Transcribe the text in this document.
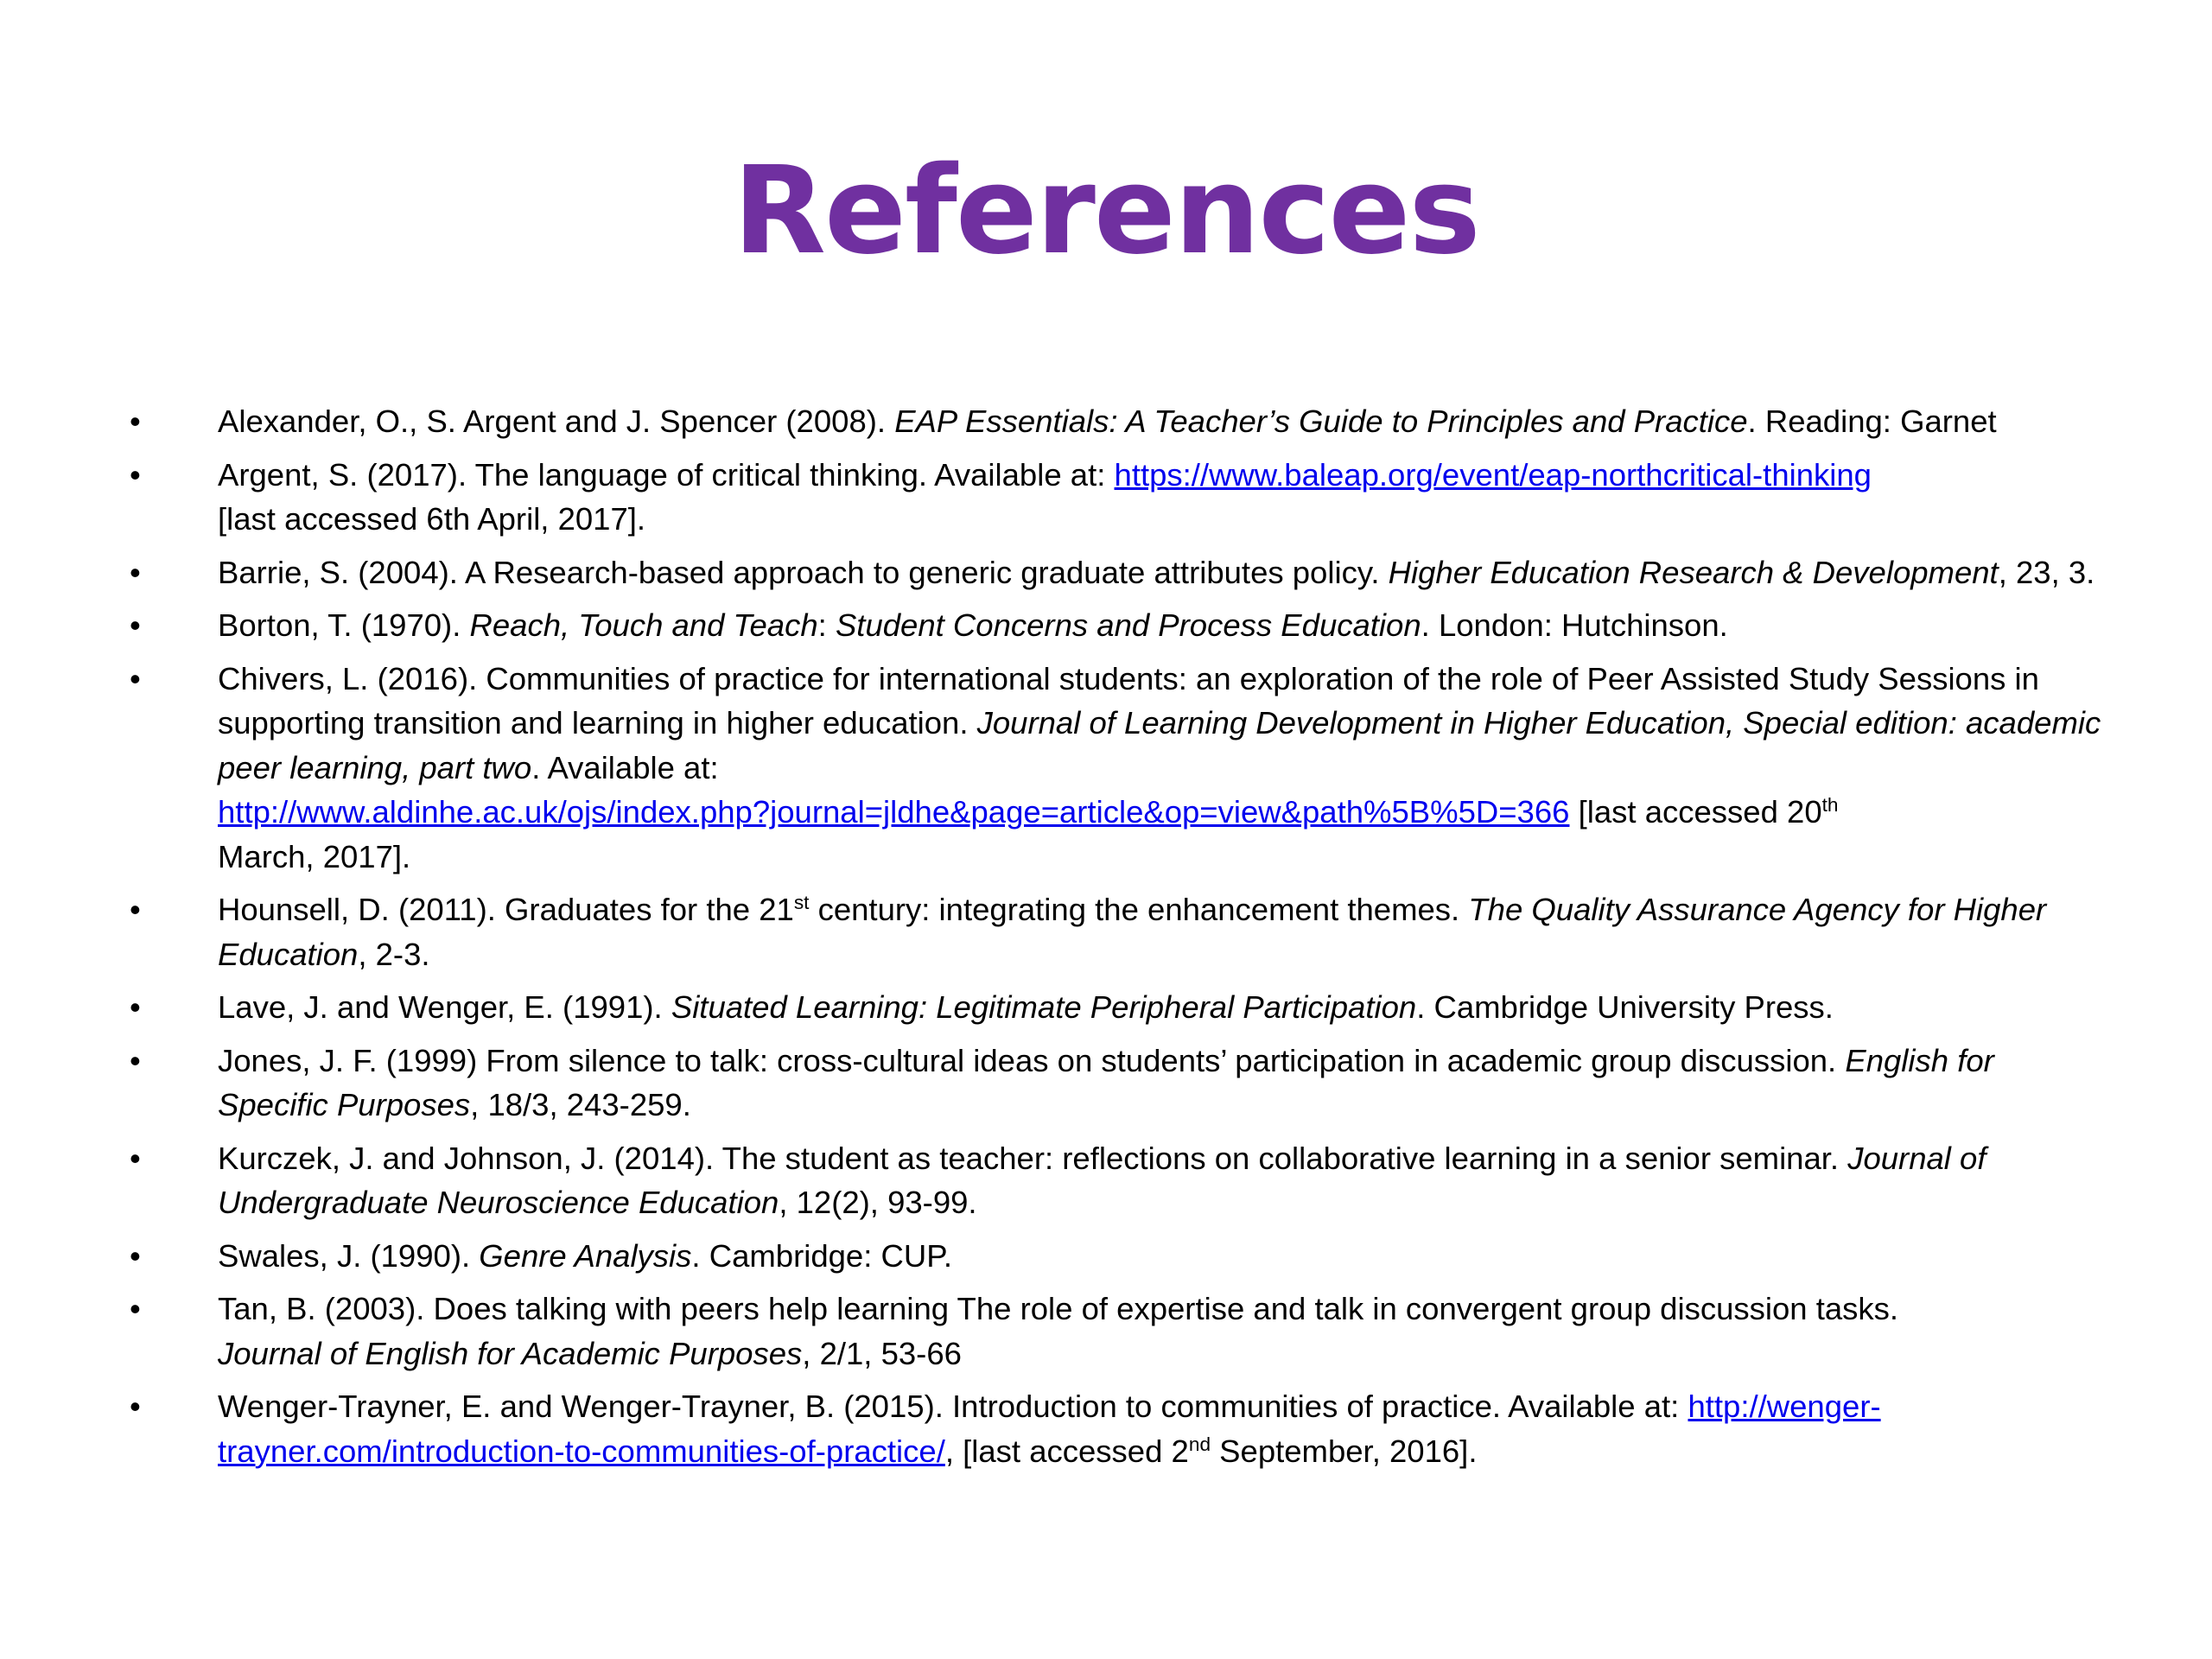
References
•	Alexander, O., S. Argent and J. Spencer (2008). EAP Essentials: A Teacher’s Guide to Principles and Practice. Reading: Garnet
•	Argent, S. (2017). The language of critical thinking. Available at: https://www.baleap.org/event/eap-northcritical-thinking
[last accessed 6th April, 2017].
•	Barrie, S. (2004). A Research-based approach to generic graduate attributes policy. Higher Education Research & Development, 23, 3.
•	Borton, T. (1970). Reach, Touch and Teach: Student Concerns and Process Education. London: Hutchinson.
•	Chivers, L. (2016). Communities of practice for international students: an exploration of the role of Peer Assisted Study Sessions in supporting transition and learning in higher education. Journal of Learning Development in Higher Education, Special edition: academic peer learning, part two. Available at:
http://www.aldinhe.ac.uk/ojs/index.php?journal=jldhe&page=article&op=view&path%5B%5D=366 [last accessed 20th
March, 2017].
•	Hounsell, D. (2011). Graduates for the 21st century: integrating the enhancement themes. The Quality Assurance Agency for Higher Education, 2-3.
•	Lave, J. and Wenger, E. (1991). Situated Learning: Legitimate Peripheral Participation. Cambridge University Press.
•	Jones, J. F. (1999) From silence to talk: cross-cultural ideas on students’ participation in academic group discussion. English for Specific Purposes, 18/3, 243-259.
•	Kurczek, J. and Johnson, J. (2014). The student as teacher: reflections on collaborative learning in a senior seminar. Journal of Undergraduate Neuroscience Education, 12(2), 93-99.
•	Swales, J. (1990). Genre Analysis. Cambridge: CUP.
•	Tan, B. (2003). Does talking with peers help learning The role of expertise and talk in convergent group discussion tasks.
Journal of English for Academic Purposes, 2/1, 53-66
•	Wenger-Trayner, E. and Wenger-Trayner, B. (2015). Introduction to communities of practice. Available at: http://wenger-trayner.com/introduction-to-communities-of-practice/, [last accessed 2nd September, 2016].
